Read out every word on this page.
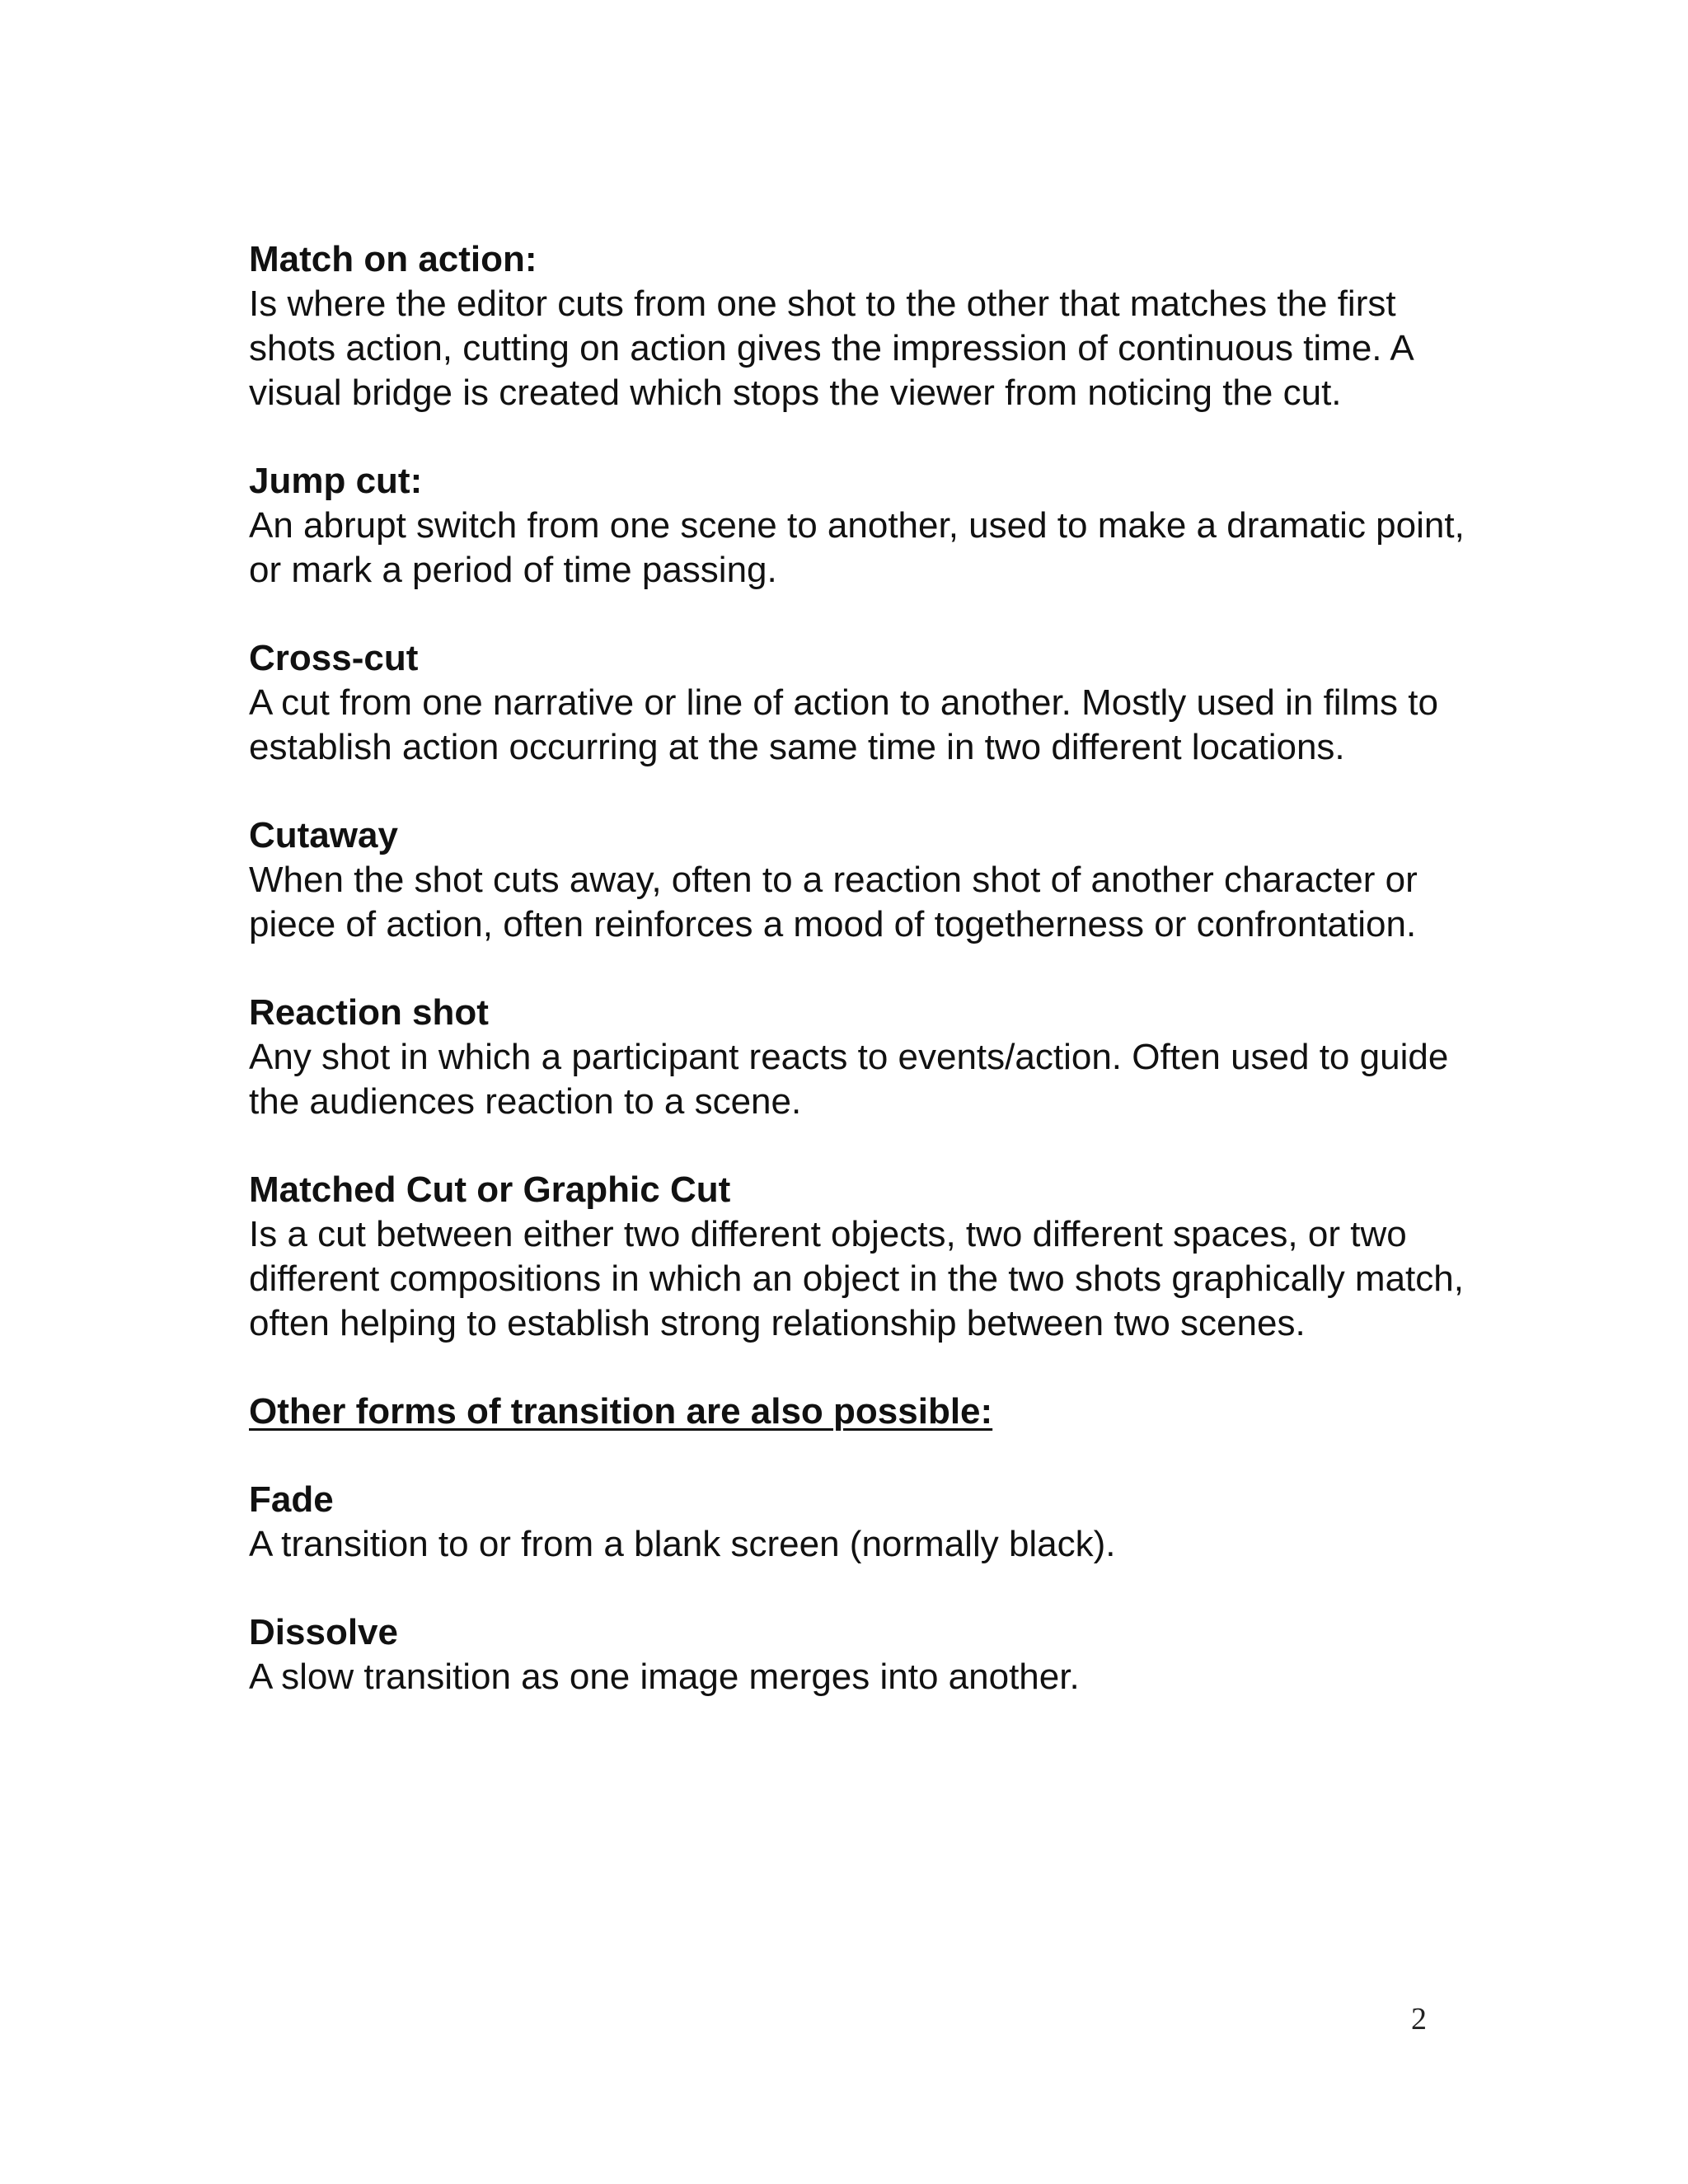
Match on action:
Is where the editor cuts from one shot to the other that matches the first shots action, cutting on action gives the impression of continuous time. A visual bridge is created which stops the viewer from noticing the cut.
Jump cut:
An abrupt switch from one scene to another, used to make a dramatic point, or mark a period of time passing.
Cross-cut
A cut from one narrative or line of action to another. Mostly used in films to establish action occurring at the same time in two different locations.
Cutaway
When the shot cuts away, often to a reaction shot of another character or piece of action, often reinforces a mood of togetherness or confrontation.
Reaction shot
Any shot in which a participant reacts to events/action. Often used to guide the audiences reaction to a scene.
Matched Cut or Graphic Cut
Is a cut between either two different objects, two different spaces, or two different compositions in which an object in the two shots graphically match, often helping to establish strong relationship between two scenes.
Other forms of transition are also possible:
Fade
A transition to or from a blank screen (normally black).
Dissolve
A slow transition as one image merges into another.
2
